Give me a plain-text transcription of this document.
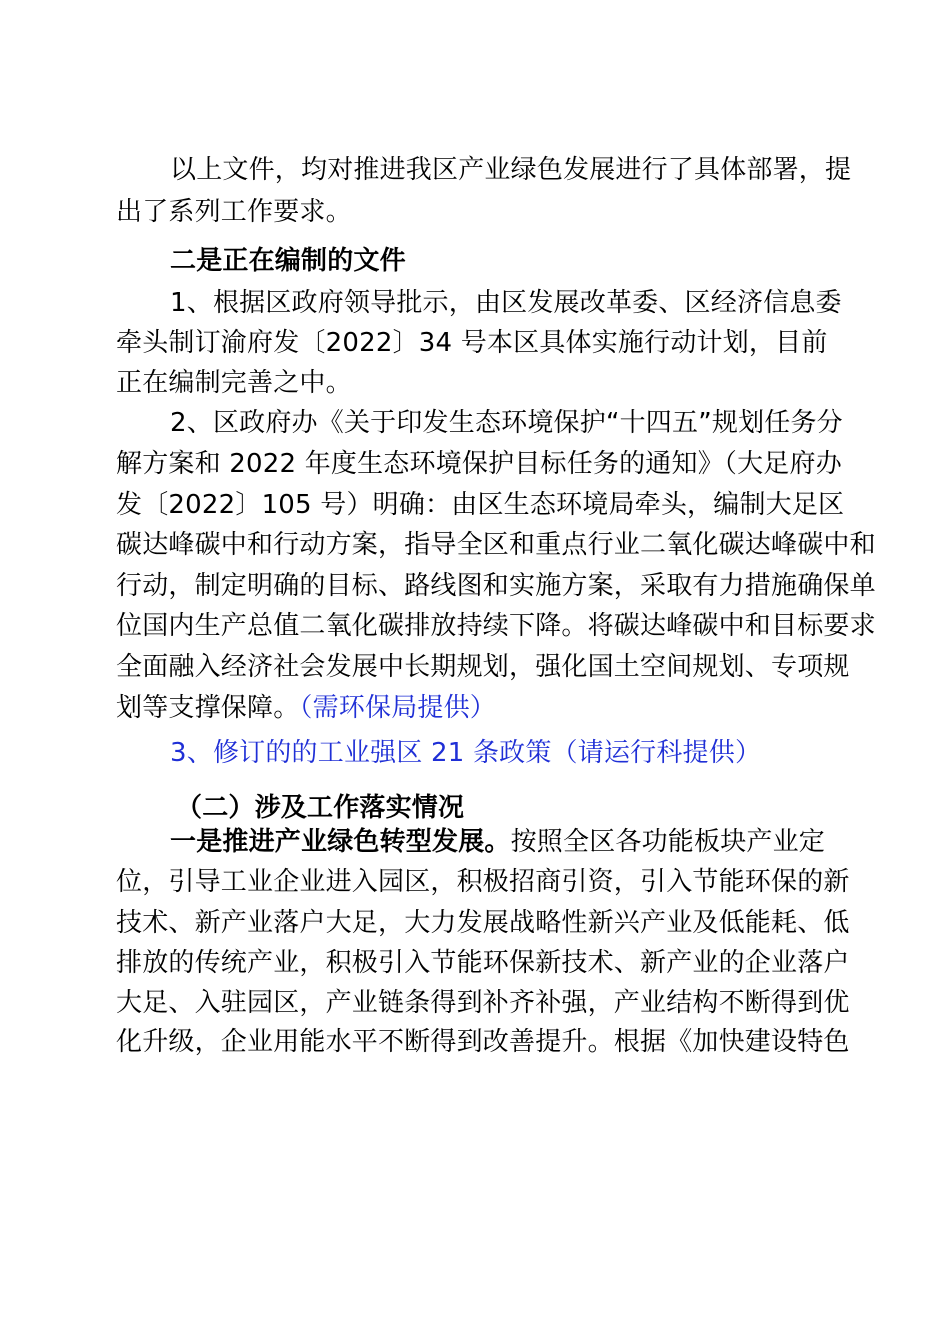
以上文件，均对推进我区产业绿色发展进行了具体部署，提
出了系列工作要求。
二是正在编制的文件
1、根据区政府领导批示，由区发展改革委、区经济信息委
牵头制订渝府发〔2022〕34 号本区具体实施行动计划，目前
正在编制完善之中。
2、区政府办《关于印发生态环境保护“十四五”规划任务分
解方案和 2022 年度生态环境保护目标任务的通知》（大足府办
发〔2022〕105 号）明确：由区生态环境局牵头，编制大足区
碳达峰碳中和行动方案，指导全区和重点行业二氧化碳达峰碳中和
行动，制定明确的目标、路线图和实施方案，采取有力措施确保单
位国内生产总值二氧化碳排放持续下降。将碳达峰碳中和目标要求
全面融入经济社会发展中长期规划，强化国土空间规划、专项规
划等支撑保障。（需环保局提供）
3、修订的的工业强区 21 条政策（请运行科提供）
（二）涉及工作落实情况
一是推进产业绿色转型发展。按照全区各功能板块产业定
位，引导工业企业进入园区，积极招商引资，引入节能环保的新
技术、新产业落户大足，大力发展战略性新兴产业及低能耗、低
排放的传统产业，积极引入节能环保新技术、新产业的企业落户
大足、入驻园区，产业链条得到补齐补强，产业结构不断得到优
化升级，企业用能水平不断得到改善提升。根据《加快建设特色
